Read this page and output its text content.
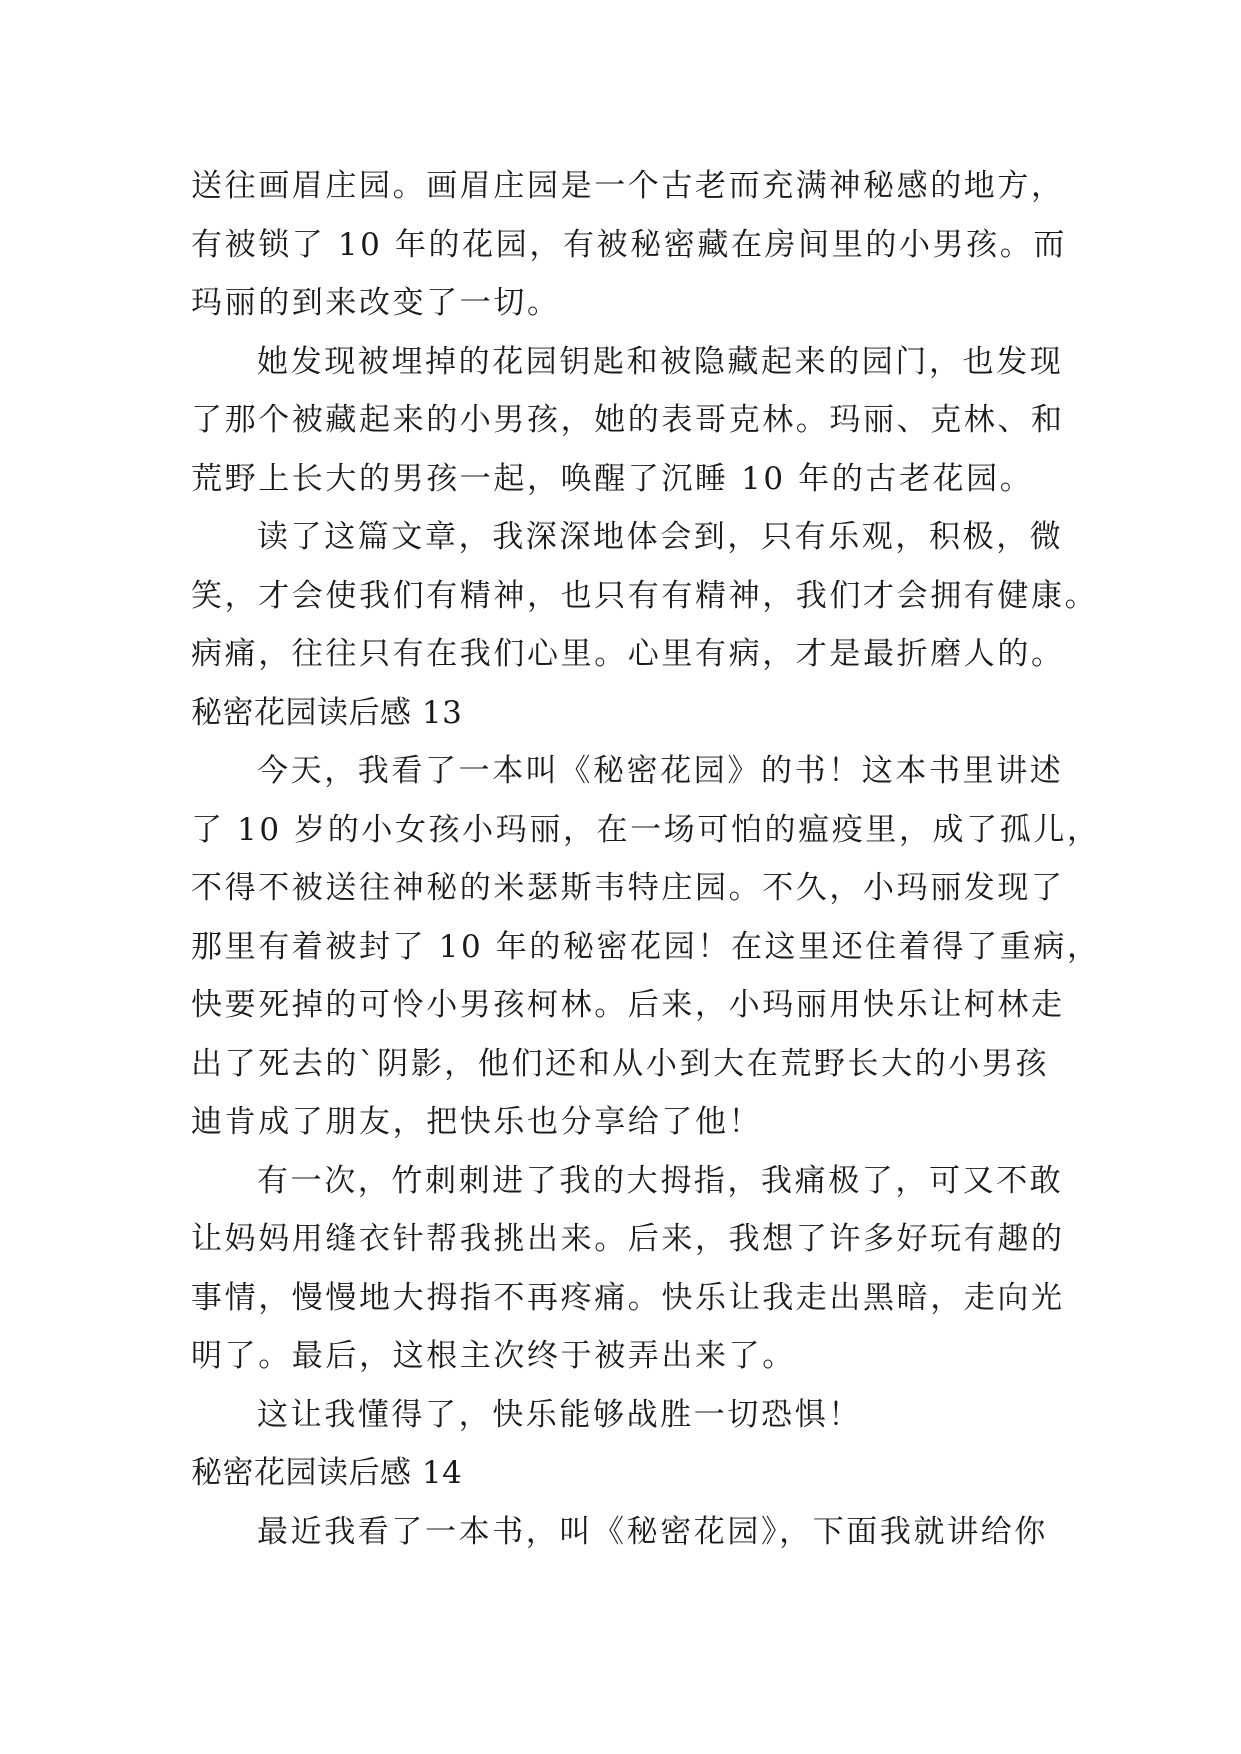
送往画眉庄园。画眉庄园是一个古老而充满神秘感的地方，
有被锁了 10 年的花园，有被秘密藏在房间里的小男孩。而
玛丽的到来改变了一切。
她发现被埋掉的花园钥匙和被隐藏起来的园门，也发现
了那个被藏起来的小男孩，她的表哥克林。玛丽、克林、和
荒野上长大的男孩一起，唤醒了沉睡 10 年的古老花园。
读了这篇文章，我深深地体会到，只有乐观，积极，微
笑，才会使我们有精神，也只有有精神，我们才会拥有健康。
病痛，往往只有在我们心里。心里有病，才是最折磨人的。
秘密花园读后感 13
今天，我看了一本叫《秘密花园》的书！这本书里讲述
了 10 岁的小女孩小玛丽，在一场可怕的瘟疫里，成了孤儿，
不得不被送往神秘的米瑟斯韦特庄园。不久，小玛丽发现了
那里有着被封了 10 年的秘密花园！在这里还住着得了重病，
快要死掉的可怜小男孩柯林。后来，小玛丽用快乐让柯林走
出了死去的`阴影，他们还和从小到大在荒野长大的小男孩
迪肯成了朋友，把快乐也分享给了他！
有一次，竹刺刺进了我的大拇指，我痛极了，可又不敢
让妈妈用缝衣针帮我挑出来。后来，我想了许多好玩有趣的
事情，慢慢地大拇指不再疼痛。快乐让我走出黑暗，走向光
明了。最后，这根主次终于被弄出来了。
这让我懂得了，快乐能够战胜一切恐惧！
秘密花园读后感 14
最近我看了一本书，叫《秘密花园》，下面我就讲给你
